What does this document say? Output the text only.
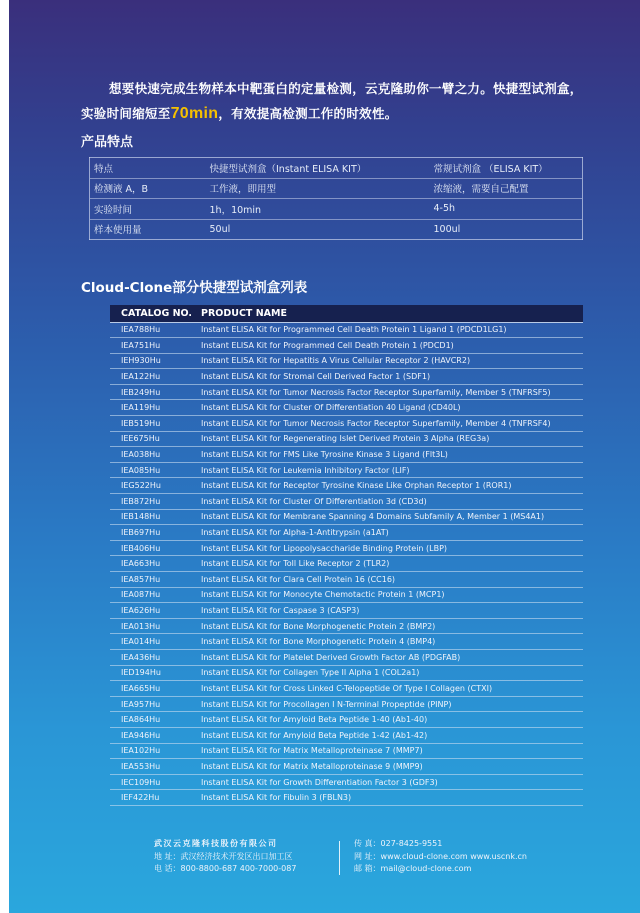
想要快速完成生物样本中靶蛋白的定量检测，云克隆助你一臂之力。快捷型试剂盒，
实验时间缩短至70min，有效提高检测工作的时效性。
产品特点
特点	快捷型试剂盒（Instant ELISA KIT）	常规试剂盒 （ELISA KIT）
检测液 A，B	工作液，即用型	浓缩液，需要自己配置
实验时间	1h，10min	4-5h
样本使用量	50ul	100ul
Cloud-Clone部分快捷型试剂盒列表
CATALOG NO.	PRODUCT NAME
IEA788Hu	Instant ELISA Kit for Programmed Cell Death Protein 1 Ligand 1 (PDCD1LG1)
IEA751Hu	Instant ELISA Kit for Programmed Cell Death Protein 1 (PDCD1)
IEH930Hu	Instant ELISA Kit for Hepatitis A Virus Cellular Receptor 2 (HAVCR2)
IEA122Hu	Instant ELISA Kit for Stromal Cell Derived Factor 1 (SDF1)
IEB249Hu	Instant ELISA Kit for Tumor Necrosis Factor Receptor Superfamily, Member 5 (TNFRSF5)
IEA119Hu	Instant ELISA Kit for Cluster Of Differentiation 40 Ligand (CD40L)
IEB519Hu	Instant ELISA Kit for Tumor Necrosis Factor Receptor Superfamily, Member 4 (TNFRSF4)
IEE675Hu	Instant ELISA Kit for Regenerating Islet Derived Protein 3 Alpha (REG3a)
IEA038Hu	Instant ELISA Kit for FMS Like Tyrosine Kinase 3 Ligand (Flt3L)
IEA085Hu	Instant ELISA Kit for Leukemia Inhibitory Factor (LIF)
IEG522Hu	Instant ELISA Kit for Receptor Tyrosine Kinase Like Orphan Receptor 1 (ROR1)
IEB872Hu	Instant ELISA Kit for Cluster Of Differentiation 3d (CD3d)
IEB148Hu	Instant ELISA Kit for Membrane Spanning 4 Domains Subfamily A, Member 1 (MS4A1)
IEB697Hu	Instant ELISA Kit for Alpha-1-Antitrypsin (a1AT)
IEB406Hu	Instant ELISA Kit for Lipopolysaccharide Binding Protein (LBP)
IEA663Hu	Instant ELISA Kit for Toll Like Receptor 2 (TLR2)
IEA857Hu	Instant ELISA Kit for Clara Cell Protein 16 (CC16)
IEA087Hu	Instant ELISA Kit for Monocyte Chemotactic Protein 1 (MCP1)
IEA626Hu	Instant ELISA Kit for Caspase 3 (CASP3)
IEA013Hu	Instant ELISA Kit for Bone Morphogenetic Protein 2 (BMP2)
IEA014Hu	Instant ELISA Kit for Bone Morphogenetic Protein 4 (BMP4)
IEA436Hu	Instant ELISA Kit for Platelet Derived Growth Factor AB (PDGFAB)
IED194Hu	Instant ELISA Kit for Collagen Type II Alpha 1 (COL2a1)
IEA665Hu	Instant ELISA Kit for Cross Linked C-Telopeptide Of Type I Collagen (CTXI)
IEA957Hu	Instant ELISA Kit for Procollagen I N-Terminal Propeptide (PINP)
IEA864Hu	Instant ELISA Kit for Amyloid Beta Peptide 1-40 (Ab1-40)
IEA946Hu	Instant ELISA Kit for Amyloid Beta Peptide 1-42 (Ab1-42)
IEA102Hu	Instant ELISA Kit for Matrix Metalloproteinase 7 (MMP7)
IEA553Hu	Instant ELISA Kit for Matrix Metalloproteinase 9 (MMP9)
IEC109Hu	Instant ELISA Kit for Growth Differentiation Factor 3 (GDF3)
IEF422Hu	Instant ELISA Kit for Fibulin 3 (FBLN3)
武汉云克隆科技股份有限公司
地 址：武汉经济技术开发区出口加工区
电 话：800-8800-687 400-7000-087
传 真：027-8425-9551
网 址：www.cloud-clone.com www.uscnk.cn
邮 箱：mail@cloud-clone.com
